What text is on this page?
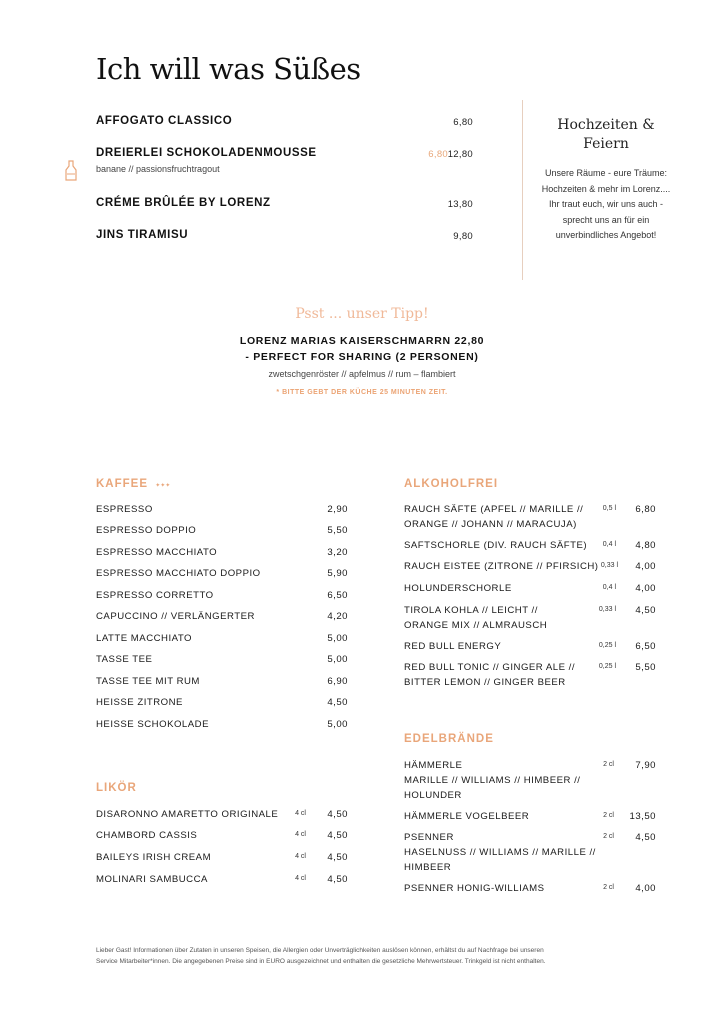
Ich will was Süßes
AFFOGATO CLASSICO	6,80
DREIERLEI SCHOKOLADENMOUSSE	6,80 12,80
banane // passionsfruchtragout
CRÉME BRÛLÉE BY LORENZ	13,80
JINS TIRAMISU	9,80
Hochzeiten & Feiern
Unsere Räume - eure Träume: Hochzeiten & mehr im Lorenz.... Ihr traut euch, wir uns auch - sprecht uns an für ein unverbindliches Angebot!
Psst ... unser Tipp!
LORENZ MARIAS KAISERSCHMARRN 22,80
- PERFECT FOR SHARING (2 PERSONEN)
zwetschgenröster // apfelmus // rum – flambiert
* BITTE GEBT DER KÜCHE 25 MINUTEN ZEIT.
KAFFEE ✦✦✦
ESPRESSO	2,90
ESPRESSO DOPPIO	5,50
ESPRESSO MACCHIATO	3,20
ESPRESSO MACCHIATO DOPPIO	5,90
ESPRESSO CORRETTO	6,50
CAPUCCINO // VERLÄNGERTER	4,20
LATTE MACCHIATO	5,00
TASSE TEE	5,00
TASSE TEE MIT RUM	6,90
HEISSE ZITRONE	4,50
HEISSE SCHOKOLADE	5,00
LIKÖR
DISARONNO AMARETTO ORIGINALE	4 cl	4,50
CHAMBORD CASSIS	4 cl	4,50
BAILEYS IRISH CREAM	4 cl	4,50
MOLINARI SAMBUCCA	4 cl	4,50
ALKOHOLFREI
RAUCH SÄFTE (APFEL // MARILLE //
ORANGE // JOHANN // MARACUJA)
0,5 l	6,80
SAFTSCHORLE (DIV. RAUCH SÄFTE)	0,4 l	4,80
RAUCH EISTEE (ZITRONE // PFIRSICH) 0,33 l	4,00
HOLUNDERSCHORLE	0,4 l	4,00
TIROLA KOHLA // LEICHT //
ORANGE MIX // ALMRAUSCH
0,33 l	4,50
RED BULL ENERGY	0,25 l	6,50
RED BULL TONIC // GINGER ALE //
BITTER LEMON // GINGER BEER
0,25 l	5,50
EDELBRÄNDE
HÄMMERLE
MARILLE // WILLIAMS // HIMBEER //
HOLUNDER
2 cl	7,90
HÄMMERLE VOGELBEER	2 cl	13,50
PSENNER
HASELNUSS // WILLIAMS // MARILLE //
HIMBEER
2 cl	4,50
PSENNER HONIG-WILLIAMS	2 cl	4,00
Lieber Gast! Informationen über Zutaten in unseren Speisen, die Allergien oder Unverträglichkeiten auslösen können, erhältst du auf Nachfrage bei unseren
Service Mitarbeiter*innen. Die angegebenen Preise sind in EURO ausgezeichnet und enthalten die gesetzliche Mehrwertsteuer. Trinkgeld ist nicht enthalten.
